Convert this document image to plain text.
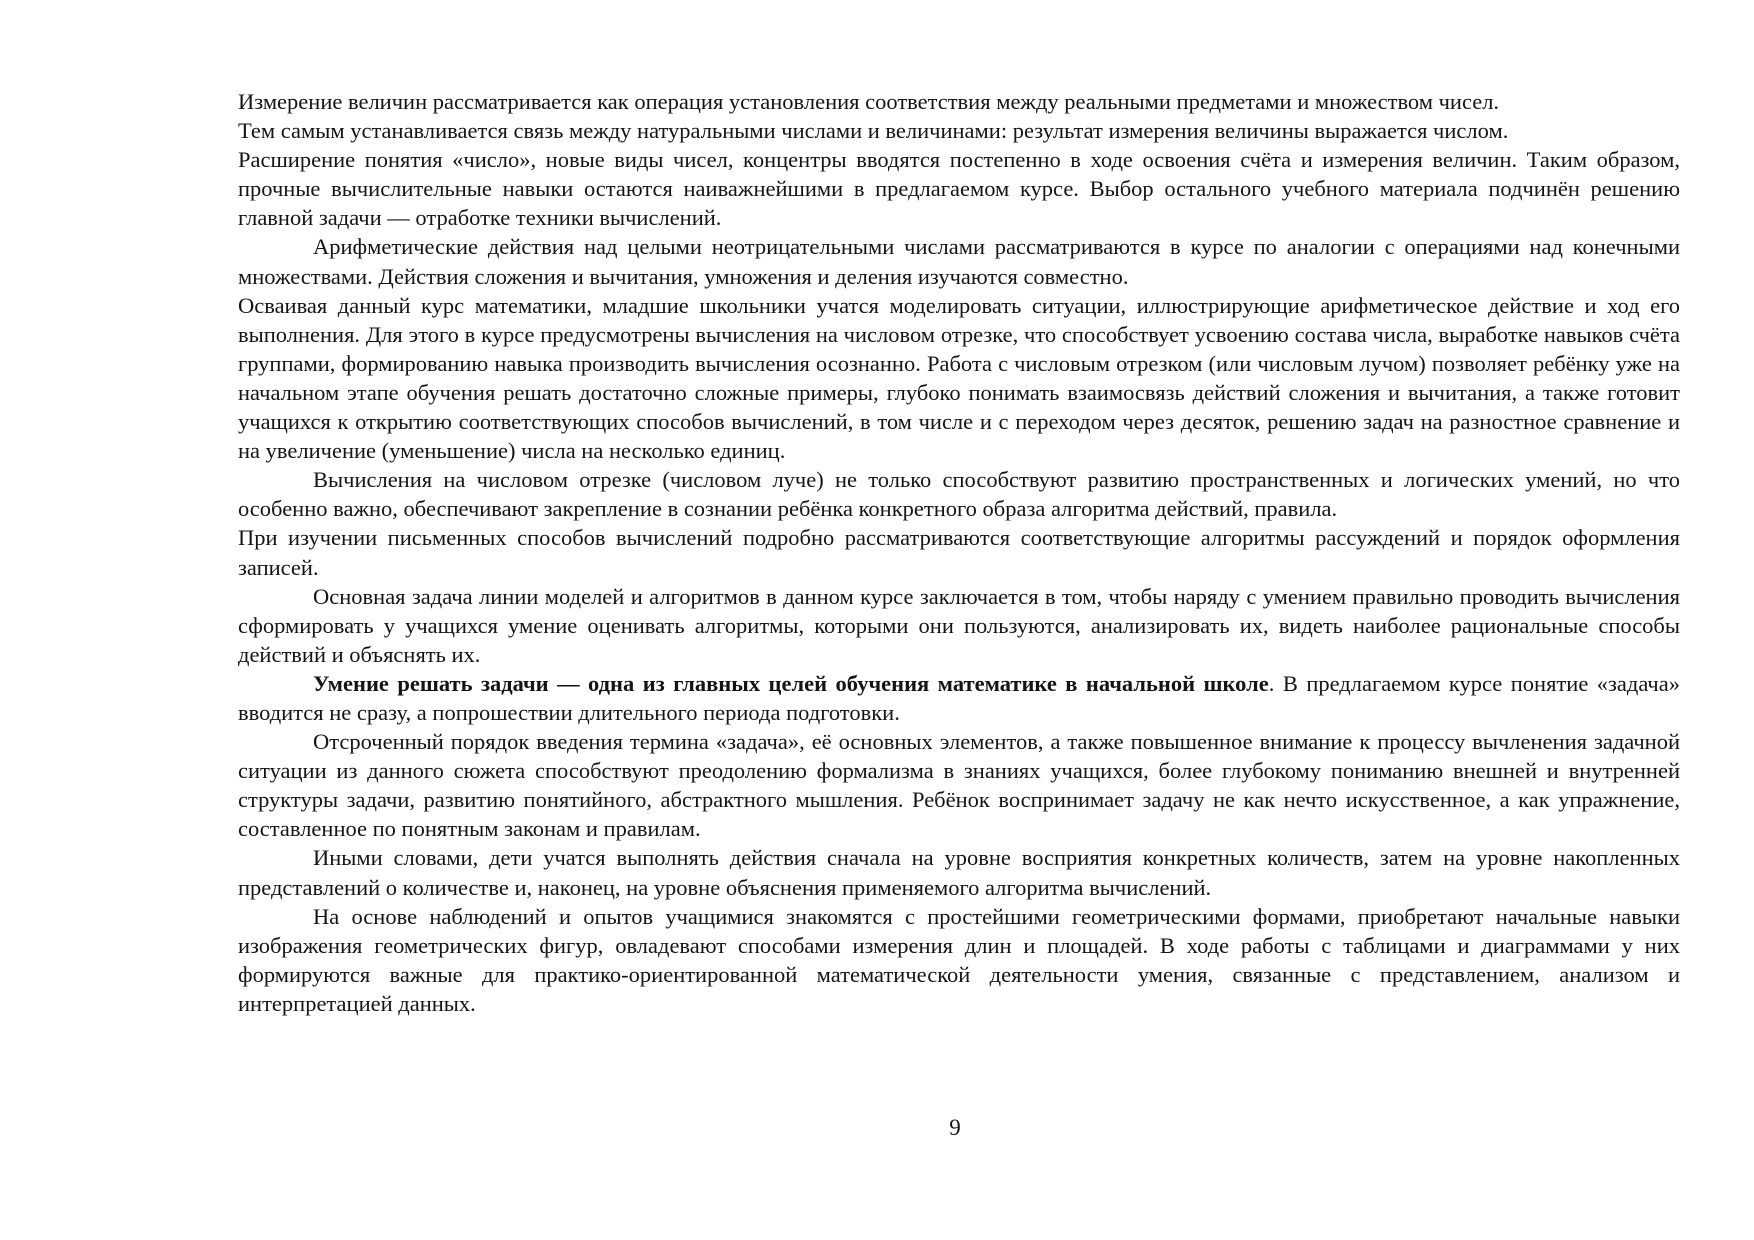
Измерение величин рассматривается как операция установления соответствия между реальными предметами и множеством чисел.

Тем самым устанавливается связь между натуральными числами и величинами: результат измерения величины выражается числом.

Расширение понятия «число», новые виды чисел, концентры вводятся постепенно в ходе освоения счёта и измерения величин. Таким образом, прочные вычислительные навыки остаются наиважнейшими в предлагаемом курсе. Выбор остального учебного материала подчинён решению главной задачи — отработке техники вычислений.

Арифметические действия над целыми неотрицательными числами рассматриваются в курсе по аналогии с операциями над конечными множествами. Действия сложения и вычитания, умножения и деления изучаются совместно.

Осваивая данный курс математики, младшие школьники учатся моделировать ситуации, иллюстрирующие арифметическое действие и ход его выполнения. Для этого в курсе предусмотрены вычисления на числовом отрезке, что способствует усвоению состава числа, выработке навыков счёта группами, формированию навыка производить вычисления осознанно. Работа с числовым отрезком (или числовым лучом) позволяет ребёнку уже на начальном этапе обучения решать достаточно сложные примеры, глубоко понимать взаимосвязь действий сложения и вычитания, а также готовит учащихся к открытию соответствующих способов вычислений, в том числе и с переходом через десяток, решению задач на разностное сравнение и на увеличение (уменьшение) числа на несколько единиц.

Вычисления на числовом отрезке (числовом луче) не только способствуют развитию пространственных и логических умений, но что особенно важно, обеспечивают закрепление в сознании ребёнка конкретного образа алгоритма действий, правила.

При изучении письменных способов вычислений подробно рассматриваются соответствующие алгоритмы рассуждений и порядок оформления записей.

Основная задача линии моделей и алгоритмов в данном курсе заключается в том, чтобы наряду с умением правильно проводить вычисления сформировать у учащихся умение оценивать алгоритмы, которыми они пользуются, анализировать их, видеть наиболее рациональные способы действий и объяснять их.

Умение решать задачи — одна из главных целей обучения математике в начальной школе. В предлагаемом курсе понятие «задача» вводится не сразу, а попрошествии длительного периода подготовки.

Отсроченный порядок введения термина «задача», её основных элементов, а также повышенное внимание к процессу вычленения задачной ситуации из данного сюжета способствуют преодолению формализма в знаниях учащихся, более глубокому пониманию внешней и внутренней структуры задачи, развитию понятийного, абстрактного мышления. Ребёнок воспринимает задачу не как нечто искусственное, а как упражнение, составленное по понятным законам и правилам.

Иными словами, дети учатся выполнять действия сначала на уровне восприятия конкретных количеств, затем на уровне накопленных представлений о количестве и, наконец, на уровне объяснения применяемого алгоритма вычислений.

На основе наблюдений и опытов учащимися знакомятся с простейшими геометрическими формами, приобретают начальные навыки изображения геометрических фигур, овладевают способами измерения длин и площадей. В ходе работы с таблицами и диаграммами у них формируются важные для практико-ориентированной математической деятельности умения, связанные с представлением, анализом и интерпретацией данных.

9
